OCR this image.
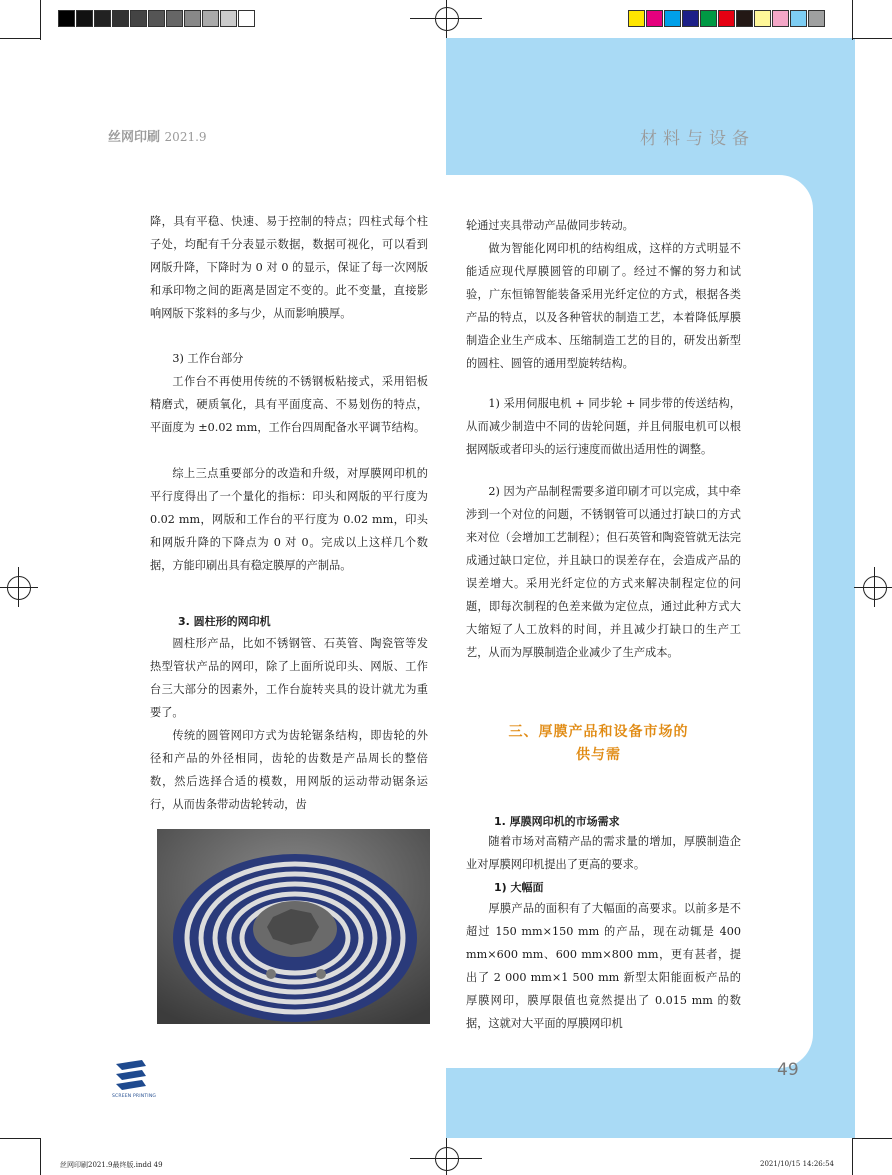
丝网印刷 2021.9	材料与设备
降，具有平稳、快速、易于控制的特点；四柱式每个柱子处，均配有千分表显示数据，数据可视化，可以看到网版升降，下降时为 0 对 0 的显示，保证了每一次网版和承印物之间的距离是固定不变的。此不变量，直接影响网版下浆料的多与少，从而影响膜厚。
3) 工作台部分
工作台不再使用传统的不锈钢板粘接式，采用铝板精磨式，硬质氧化，具有平面度高、不易划伤的特点，平面度为 ±0.02 mm，工作台四周配备水平调节结构。
综上三点重要部分的改造和升级，对厚膜网印机的平行度得出了一个量化的指标：印头和网版的平行度为 0.02 mm，网版和工作台的平行度为 0.02 mm，印头和网版升降的下降点为 0 对 0。完成以上这样几个数据，方能印刷出具有稳定膜厚的产制品。
3. 圆柱形的网印机
圆柱形产品，比如不锈钢管、石英管、陶瓷管等发热型管状产品的网印，除了上面所说印头、网版、工作台三大部分的因素外，工作台旋转夹具的设计就尤为重要了。
传统的圆管网印方式为齿轮锯条结构，即齿轮的外径和产品的外径相同，齿轮的齿数是产品周长的整倍数，然后选择合适的模数，用网版的运动带动锯条运行，从而齿条带动齿轮转动，齿
轮通过夹具带动产品做同步转动。
做为智能化网印机的结构组成，这样的方式明显不能适应现代厚膜圆管的印刷了。经过不懈的努力和试验，广东恒锦智能装备采用光纤定位的方式，根据各类产品的特点，以及各种管状的制造工艺，本着降低厚膜制造企业生产成本、压缩制造工艺的目的，研发出新型的圆柱、圆管的通用型旋转结构。
1) 采用伺服电机 + 同步轮 + 同步带的传送结构，从而减少制造中不同的齿轮问题，并且伺服电机可以根据网版或者印头的运行速度而做出适用性的调整。
2) 因为产品制程需要多道印刷才可以完成，其中牵涉到一个对位的问题，不锈钢管可以通过打缺口的方式来对位（会增加工艺制程）；但石英管和陶瓷管就无法完成通过缺口定位，并且缺口的误差存在，会造成产品的误差增大。采用光纤定位的方式来解决制程定位的问题，即每次制程的色差来做为定位点，通过此种方式大大缩短了人工放料的时间，并且减少打缺口的生产工艺，从而为厚膜制造企业减少了生产成本。
三、厚膜产品和设备市场的
供与需
1. 厚膜网印机的市场需求
随着市场对高精产品的需求量的增加，厚膜制造企业对厚膜网印机提出了更高的要求。
1) 大幅面
厚膜产品的面积有了大幅面的高要求。以前多是不超过 150 mm×150 mm 的产品，现在动辄是 400 mm×600 mm、600 mm×800 mm，更有甚者，提出了 2 000 mm×1 500 mm 新型太阳能面板产品的厚膜网印，膜厚限值也竟然提出了 0.015 mm 的数据，这就对大平面的厚膜网印机
49
SCREEN PRINTING
丝网印刷2021.9最终版.indd 49	2021/10/15 14:26:54
